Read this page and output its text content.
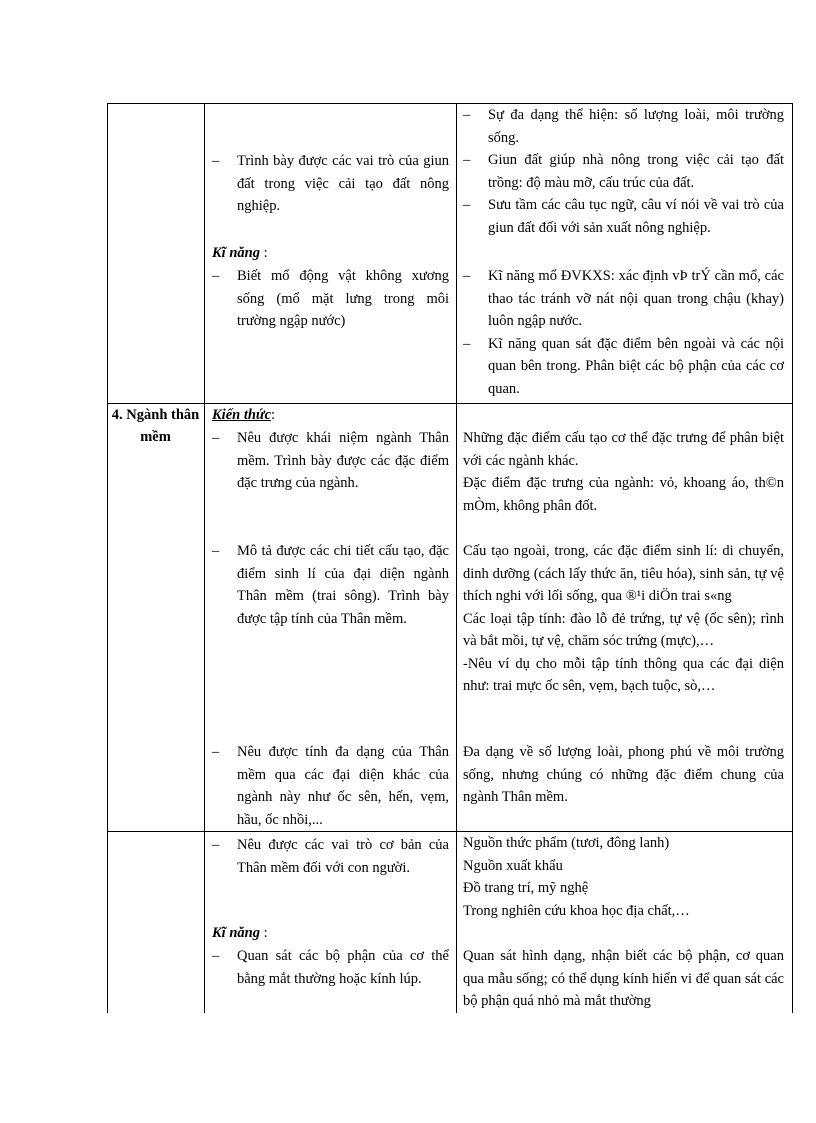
– Trình bày được các vai trò của giun đất trong việc cải tạo đất nông nghiệp.
Kĩ năng :
– Biết mổ động vật không xương sống (mổ mặt lưng trong môi trường ngập nước)
– Sự đa dạng thể hiện: số lượng loài, môi trường sống.
– Giun đất giúp nhà nông trong việc cải tạo đất trồng: độ màu mỡ, cấu trúc của đất.
– Sưu tầm các câu tục ngữ, câu ví nói về vai trò của giun đất đối với sản xuất nông nghiệp.
– Kĩ năng mổ ĐVKXS: xác định vÞ trÝ cần mổ, các thao tác tránh vỡ nát nội quan trong chậu (khay) luôn ngập nước.
– Kĩ năng quan sát đặc điểm bên ngoài và các nội quan bên trong. Phân biệt các bộ phận của các cơ quan.
4. Ngành thân mềm
Kiến thức:
– Nêu được khái niệm ngành Thân mềm. Trình bày được các đặc điểm đặc trưng của ngành.
– Mô tả được các chi tiết cấu tạo, đặc điểm sinh lí của đại diện ngành Thân mềm (trai sông). Trình bày được tập tính của Thân mềm.
– Nêu được tính đa dạng của Thân mềm qua các đại diện khác của ngành này như ốc sên, hến, vẹm, hầu, ốc nhồi,...
Những đặc điểm cấu tạo cơ thể đặc trưng để phân biệt với các ngành khác.
Đặc điểm đặc trưng của ngành: vỏ, khoang áo, th©n mÒm, không phân đốt.
Cấu tạo ngoài, trong, các đặc điểm sinh lí: di chuyển, dinh dưỡng (cách lấy thức ăn, tiêu hóa), sinh sản, tự vệ thích nghi với lối sống, qua ®¹i diÖn trai s«ng
Các loại tập tính: đào lỗ đẻ trứng, tự vệ (ốc sên); rình và bắt mồi, tự vệ, chăm sóc trứng (mực),…
-Nêu ví dụ cho mỗi tập tính thông qua các đại diện như: trai mực ốc sên, vẹm, bạch tuộc, sò,…
Đa dạng về số lượng loài, phong phú về môi trường sống, nhưng chúng có những đặc điểm chung của ngành Thân mềm.
– Nêu được các vai trò cơ bản của Thân mềm đối với con người.
Kĩ năng :
– Quan sát các bộ phận của cơ thể bằng mắt thường hoặc kính lúp.
Nguồn thức phẩm (tươi, đông lanh)
Nguồn xuất khẩu
Đồ trang trí, mỹ nghệ
Trong nghiên cứu khoa học địa chất,…
Quan sát hình dạng, nhận biết các bộ phận, cơ quan qua mẫu sống; có thể dụng kính hiển vi để quan sát các bộ phận quá nhỏ mà mắt thường
